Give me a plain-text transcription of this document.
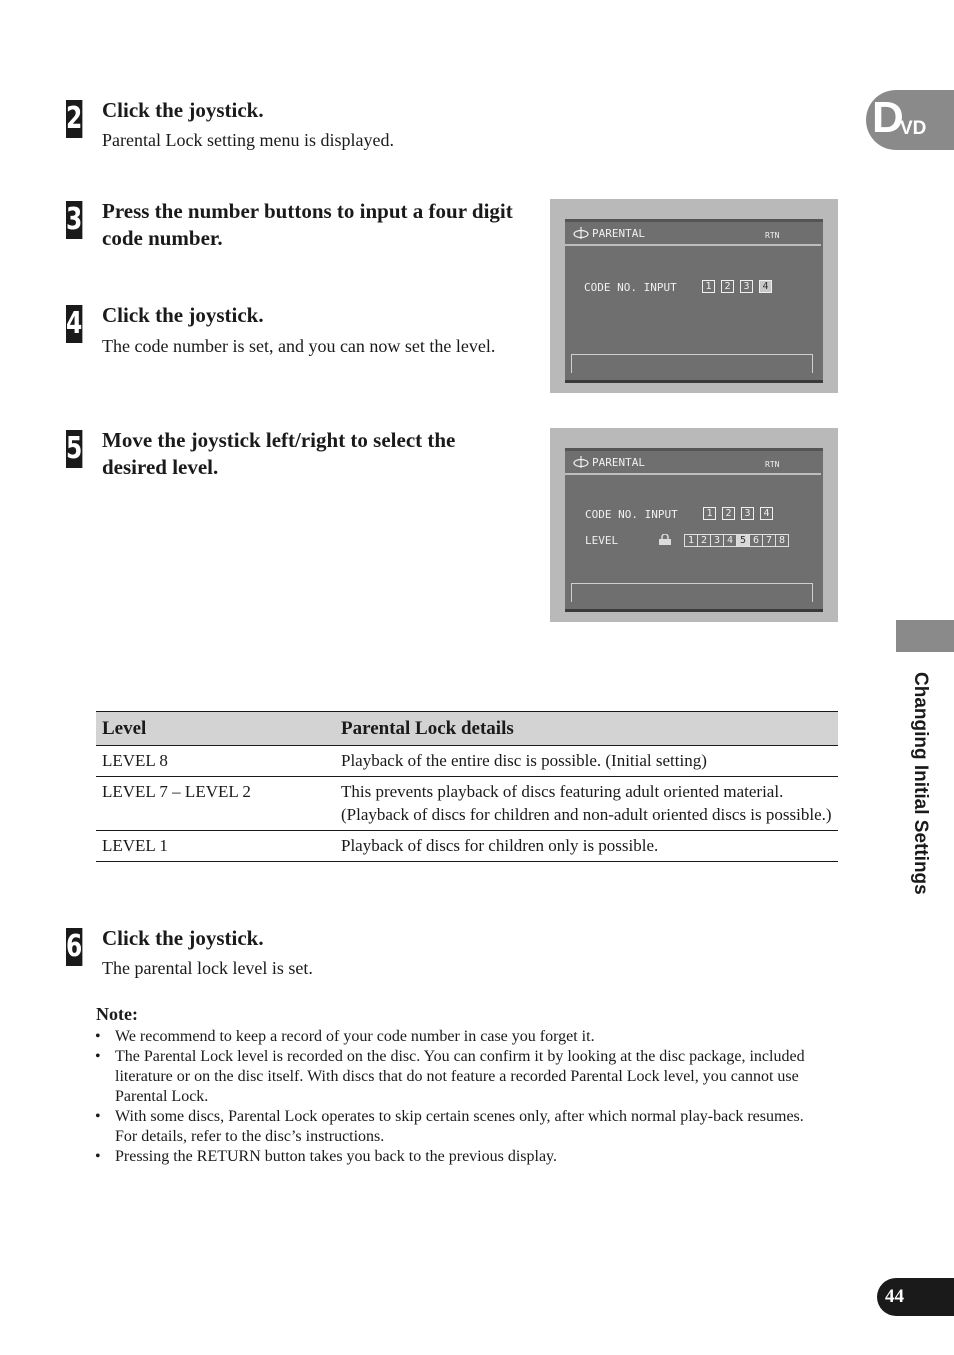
D
VD
Changing Initial Settings
2 Click the joystick.
Parental Lock setting menu is displayed.
3 Press the number buttons to input a four digit code number.
4 Click the joystick.
The code number is set, and you can now set the level.
5 Move the joystick left/right to select the desired level.
PARENTAL	RTN
CODE NO. INPUT	1	2	3	4
PARENTAL	RTN
CODE NO. INPUT	1	2	3	4
LEVEL	1 2 3 4 5 6 7 8
Level	Parental Lock details
LEVEL 8	Playback of the entire disc is possible. (Initial setting)
LEVEL 7 – LEVEL 2	This prevents playback of discs featuring adult oriented material. (Playback of discs for children and non-adult oriented discs is possible.)
LEVEL 1	Playback of discs for children only is possible.
6 Click the joystick.
The parental lock level is set.
Note:
• We recommend to keep a record of your code number in case you forget it.
• The Parental Lock level is recorded on the disc. You can confirm it by looking at the disc package, included literature or on the disc itself. With discs that do not feature a recorded Parental Lock level, you cannot use Parental Lock.
• With some discs, Parental Lock operates to skip certain scenes only, after which normal play-back resumes. For details, refer to the disc’s instructions.
• Pressing the RETURN button takes you back to the previous display.
44
